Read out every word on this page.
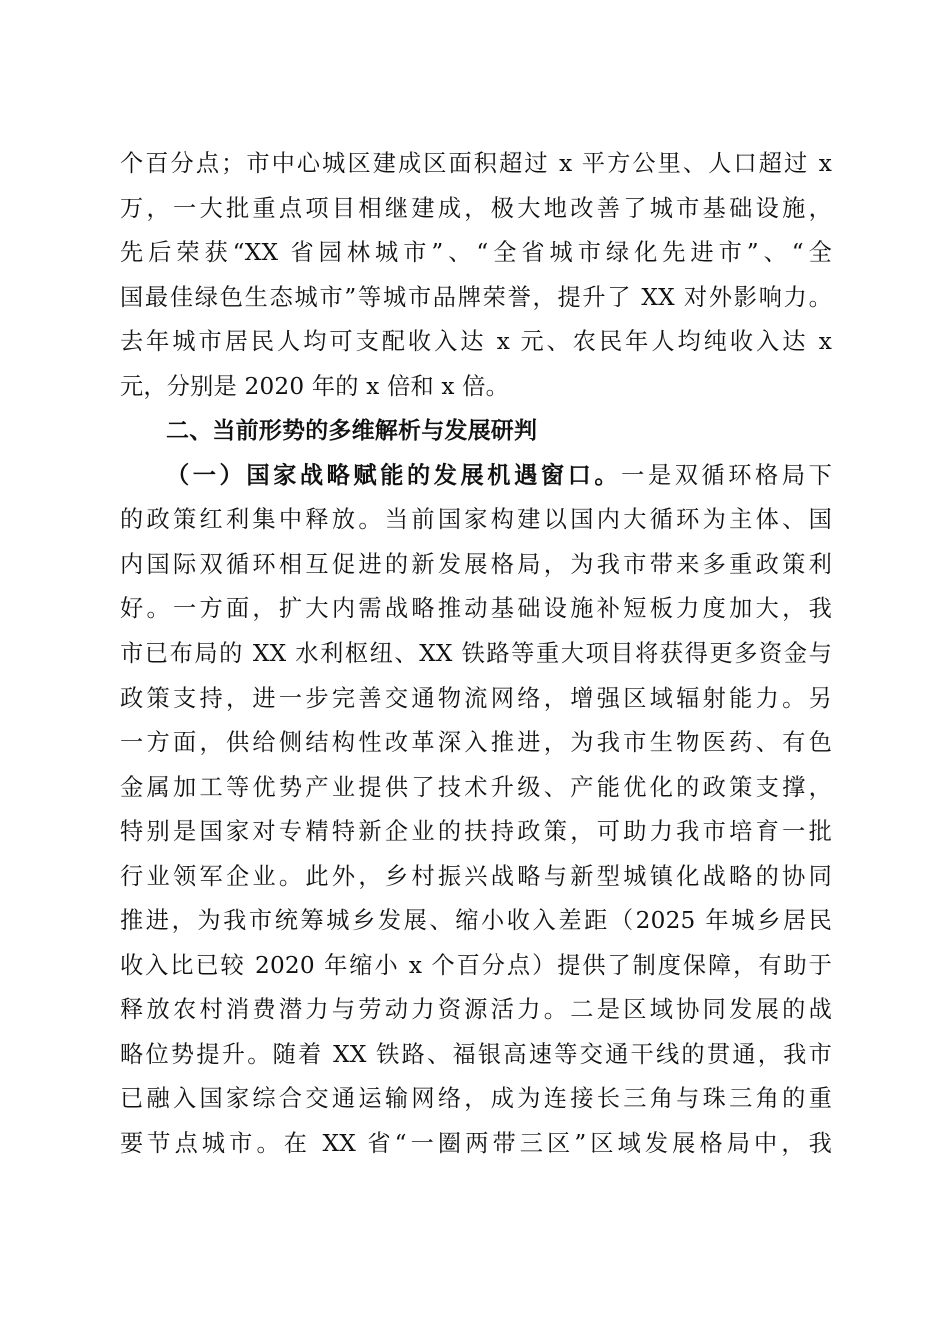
个百分点；市中心城区建成区面积超过 x 平方公里、人口超过 x
万，一大批重点项目相继建成，极大地改善了城市基础设施，
先后荣获“XX 省园林城市”、“全省城市绿化先进市”、“全
国最佳绿色生态城市”等城市品牌荣誉，提升了 XX 对外影响力。
去年城市居民人均可支配收入达 x 元、农民年人均纯收入达 x
元，分别是 2020 年的 x 倍和 x 倍。
二、当前形势的多维解析与发展研判
（一）国家战略赋能的发展机遇窗口。一是双循环格局下
的政策红利集中释放。当前国家构建以国内大循环为主体、国
内国际双循环相互促进的新发展格局，为我市带来多重政策利
好。一方面，扩大内需战略推动基础设施补短板力度加大，我
市已布局的 XX 水利枢纽、XX 铁路等重大项目将获得更多资金与
政策支持，进一步完善交通物流网络，增强区域辐射能力。另
一方面，供给侧结构性改革深入推进，为我市生物医药、有色
金属加工等优势产业提供了技术升级、产能优化的政策支撑，
特别是国家对专精特新企业的扶持政策，可助力我市培育一批
行业领军企业。此外，乡村振兴战略与新型城镇化战略的协同
推进，为我市统筹城乡发展、缩小收入差距（2025 年城乡居民
收入比已较 2020 年缩小 x 个百分点）提供了制度保障，有助于
释放农村消费潜力与劳动力资源活力。二是区域协同发展的战
略位势提升。随着 XX 铁路、福银高速等交通干线的贯通，我市
已融入国家综合交通运输网络，成为连接长三角与珠三角的重
要节点城市。在 XX 省“一圈两带三区”区域发展格局中，我
